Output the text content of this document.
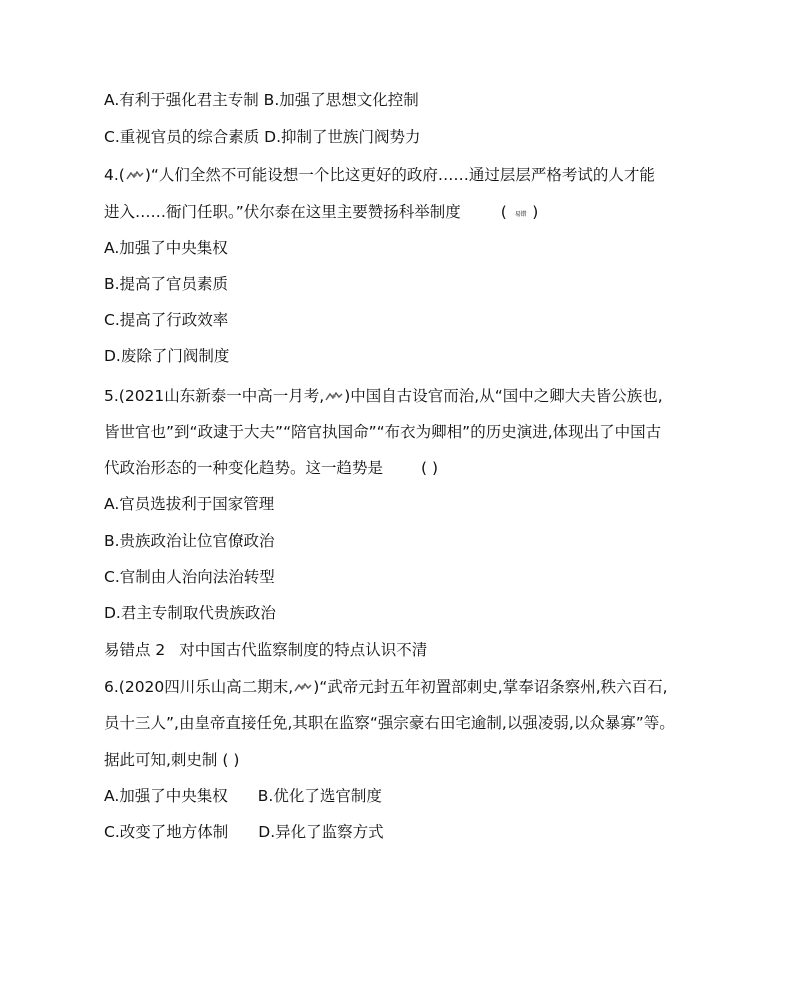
A.有利于强化君主专制 B.加强了思想文化控制
C.重视官员的综合素质 D.抑制了世族门阀势力
4.( )“人们全然不可能设想一个比这更好的政府……通过层层严格考试的人才能
进入……衙门任职。”伏尔泰在这里主要赞扬科举制度	( 易错 )
A.加强了中央集权
B.提高了官员素质
C.提高了行政效率
D.废除了门阀制度
5.(2021山东新泰一中高一月考, )中国自古设官而治,从“国中之卿大夫皆公族也,
皆世官也”到“政逮于大夫”“陪官执国命”“布衣为卿相”的历史演进,体现出了中国古
代政治形态的一种变化趋势。这一趋势是 ( )
A.官员选拔利于国家管理
B.贵族政治让位官僚政治
C.官制由人治向法治转型
D.君主专制取代贵族政治
易错点 2 对中国古代监察制度的特点认识不清
6.(2020四川乐山高二期末, )“武帝元封五年初置部刺史,掌奉诏条察州,秩六百石,
员十三人”,由皇帝直接任免,其职在监察“强宗豪右田宅逾制,以强凌弱,以众暴寡”等。
据此可知,刺史制 ( )
A.加强了中央集权 B.优化了选官制度
C.改变了地方体制 D.异化了监察方式
